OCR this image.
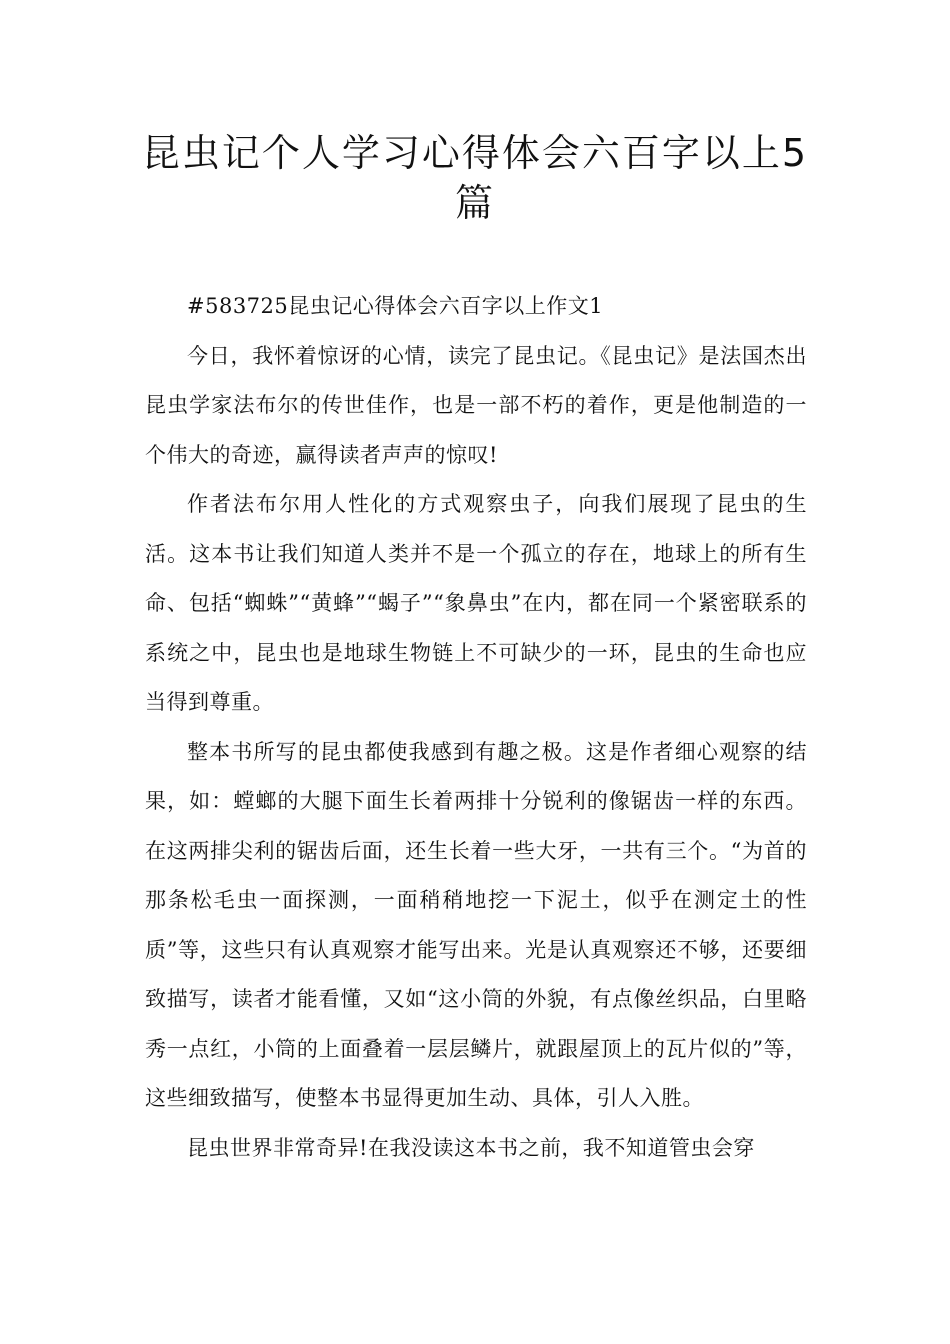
昆虫记个人学习心得体会六百字以上5篇

#583725昆虫记心得体会六百字以上作文1

今日，我怀着惊讶的心情，读完了昆虫记。《昆虫记》是法国杰出昆虫学家法布尔的传世佳作，也是一部不朽的着作，更是他制造的一个伟大的奇迹，赢得读者声声的惊叹!

作者法布尔用人性化的方式观察虫子，向我们展现了昆虫的生活。这本书让我们知道人类并不是一个孤立的存在，地球上的所有生命、包括“蜘蛛”“黄蜂”“蝎子”“象鼻虫”在内，都在同一个紧密联系的系统之中，昆虫也是地球生物链上不可缺少的一环，昆虫的生命也应当得到尊重。

整本书所写的昆虫都使我感到有趣之极。这是作者细心观察的结果，如：螳螂的大腿下面生长着两排十分锐利的像锯齿一样的东西。在这两排尖利的锯齿后面，还生长着一些大牙，一共有三个。“为首的那条松毛虫一面探测，一面稍稍地挖一下泥土，似乎在测定土的性质”等，这些只有认真观察才能写出来。光是认真观察还不够，还要细致描写，读者才能看懂，又如“这小筒的外貌，有点像丝织品，白里略秀一点红，小筒的上面叠着一层层鳞片，就跟屋顶上的瓦片似的”等，这些细致描写，使整本书显得更加生动、具体，引人入胜。

昆虫世界非常奇异!在我没读这本书之前，我不知道管虫会穿
